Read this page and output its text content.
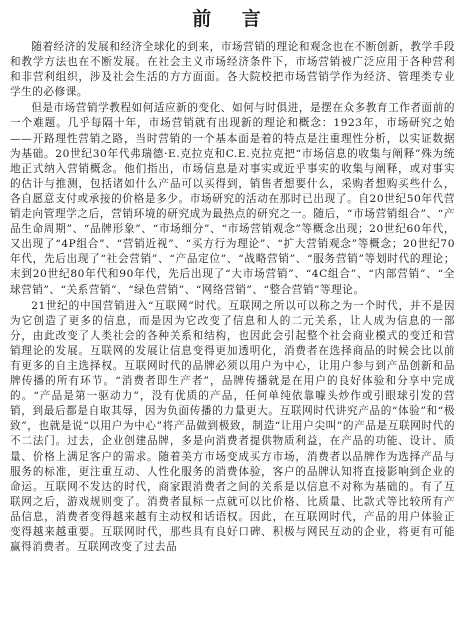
前 言

随着经济的发展和经济全球化的到来，市场营销的理论和观念也在不断创新，教学手段和教学方法也在不断发展。在社会主义市场经济条件下，市场营销被广泛应用于各种营利和非营利组织，涉及社会生活的方方面面。各大院校把市场营销学作为经济、管理类专业学生的必修课。

但是市场营销学教程如何适应新的变化、如何与时俱进，是摆在众多教育工作者面前的一个难题。几乎每隔十年，市场营销就有出现新的理论和概念：1923年，市场研究之始——开路理性营销之路，当时营销的一个基本面是着的特点是注重理性分析，以实证数据为基础。20世纪30年代弗瑞德·E.克拉克和C.E.克拉克把“市场信息的收集与阐释”殊为统地正式纳入营销概念。他们指出，市场信息是对事实或近乎事实的收集与阐释，或对事实的估计与推测，包括诸如什么产品可以买得到，销售者想要什么，采购者想购买些什么，各自愿意支付或承接的价格是多少。市场研究的活动在那时已出现了。自20世纪50年代营销走向管理学之后，营销环境的研究成为最热点的研究之一。随后，“市场营销组合”、“产品生命周期”、“品牌形象”、“市场细分”、“市场营销观念”等概念出现；20世纪60年代，又出现了“4P组合”、“营销近视”、“买方行为理论”、“扩大营销观念”等概念；20世纪70年代，先后出现了“社会营销”、“产品定位”、“战略营销”、“服务营销”等划时代的理论；末到20世纪80年代和90年代，先后出现了“大市场营销”、“4C组合”、“内部营销”、“全球营销”、“关系营销”、“绿色营销”、“网络营销”、“整合营销”等理论。

21世纪的中国营销进入“互联网”时代。互联网之所以可以称之为一个时代，并不是因为它创造了更多的信息，而是因为它改变了信息和人的二元关系，让人成为信息的一部分，由此改变了人类社会的各种关系和结构，也因此会引起整个社会商业模式的变迁和营销理论的发展。互联网的发展让信息变得更加透明化，消费者在选择商品的时候会比以前有更多的自主选择权。互联网时代的品牌必须以用户为中心，让用户参与到产品创新和品牌传播的所有环节。“消费者即生产者”，品牌传播就是在用户的良好体验和分享中完成的。“产品是第一驱动力”，没有优质的产品，任何单纯依靠噱头炒作或引眼球引发的营销，到最后都是自取其辱，因为负面传播的力量更大。互联网时代讲究产品的“体验”和“极致”，也就是说“以用户为中心”将产品做到极致，制造“让用户尖叫”的产品是互联网时代的不二法门。过去，企业创建品牌，多是向消费者提供物质利益，在产品的功能、设计、质量、价格上满足客户的需求。随着美方市场变成买方市场，消费者以品牌作为选择产品与服务的标准，更注重互动、人性化服务的消费体验，客户的品牌认知将直接影响到企业的命运。互联网不发达的时代，商家跟消费者之间的关系是以信息不对称为基础的。有了互联网之后，游戏规则变了。消费者鼠标一点就可以比价格、比质量、比款式等比较所有产品信息，消费者变得越来越有主动权和话语权。因此，在互联网时代，产品的用户体验正变得越来越重要。互联网时代，那些具有良好口碑、积极与网民互动的企业，将更有可能赢得消费者。互联网改变了过去品
